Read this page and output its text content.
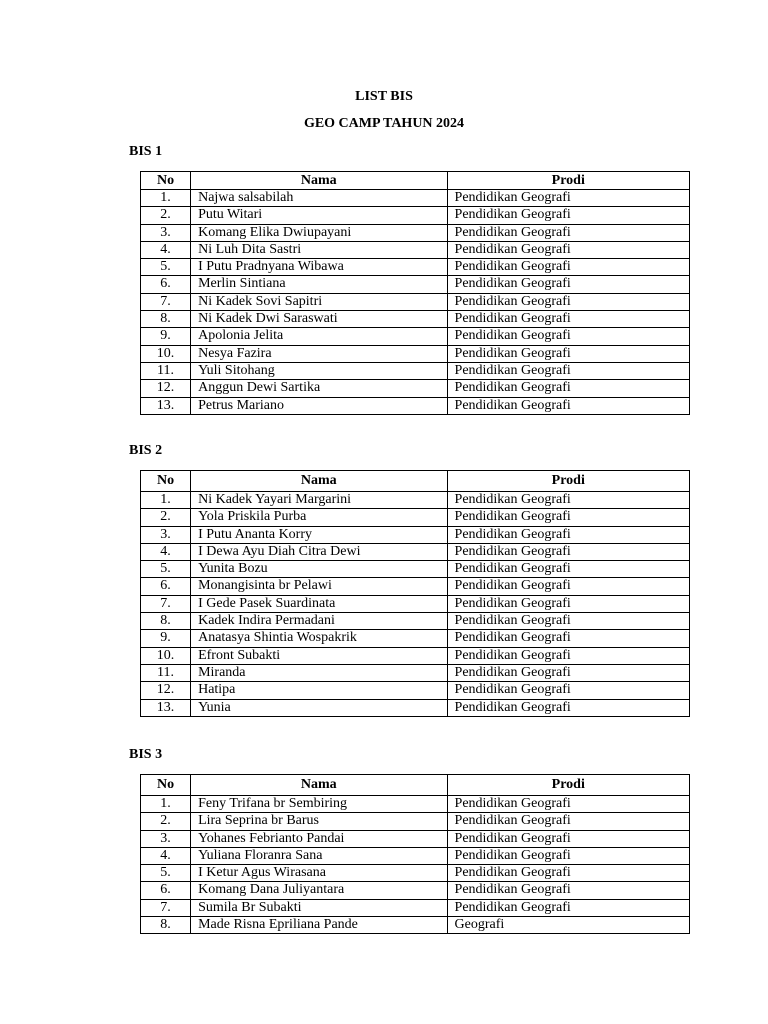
LIST BIS
GEO CAMP TAHUN 2024
BIS 1
No	Nama	Prodi
1.	Najwa salsabilah	Pendidikan Geografi
2.	Putu Witari	Pendidikan Geografi
3.	Komang Elika Dwiupayani	Pendidikan Geografi
4.	Ni Luh Dita Sastri	Pendidikan Geografi
5.	I Putu Pradnyana Wibawa	Pendidikan Geografi
6.	Merlin Sintiana	Pendidikan Geografi
7.	Ni Kadek Sovi Sapitri	Pendidikan Geografi
8.	Ni Kadek Dwi Saraswati	Pendidikan Geografi
9.	Apolonia Jelita	Pendidikan Geografi
10.	Nesya Fazira	Pendidikan Geografi
11.	Yuli Sitohang	Pendidikan Geografi
12.	Anggun Dewi Sartika	Pendidikan Geografi
13.	Petrus Mariano	Pendidikan Geografi
BIS 2
No	Nama	Prodi
1.	Ni Kadek Yayari Margarini	Pendidikan Geografi
2.	Yola Priskila Purba	Pendidikan Geografi
3.	I Putu Ananta Korry	Pendidikan Geografi
4.	I Dewa Ayu Diah Citra Dewi	Pendidikan Geografi
5.	Yunita Bozu	Pendidikan Geografi
6.	Monangisinta br Pelawi	Pendidikan Geografi
7.	I Gede Pasek Suardinata	Pendidikan Geografi
8.	Kadek Indira Permadani	Pendidikan Geografi
9.	Anatasya Shintia Wospakrik	Pendidikan Geografi
10.	Efront Subakti	Pendidikan Geografi
11.	Miranda	Pendidikan Geografi
12.	Hatipa	Pendidikan Geografi
13.	Yunia	Pendidikan Geografi
BIS 3
No	Nama	Prodi
1.	Feny Trifana br Sembiring	Pendidikan Geografi
2.	Lira Seprina br Barus	Pendidikan Geografi
3.	Yohanes Febrianto Pandai	Pendidikan Geografi
4.	Yuliana Floranra Sana	Pendidikan Geografi
5.	I Ketur Agus Wirasana	Pendidikan Geografi
6.	Komang Dana Juliyantara	Pendidikan Geografi
7.	Sumila Br Subakti	Pendidikan Geografi
8.	Made Risna Epriliana Pande	Geografi
